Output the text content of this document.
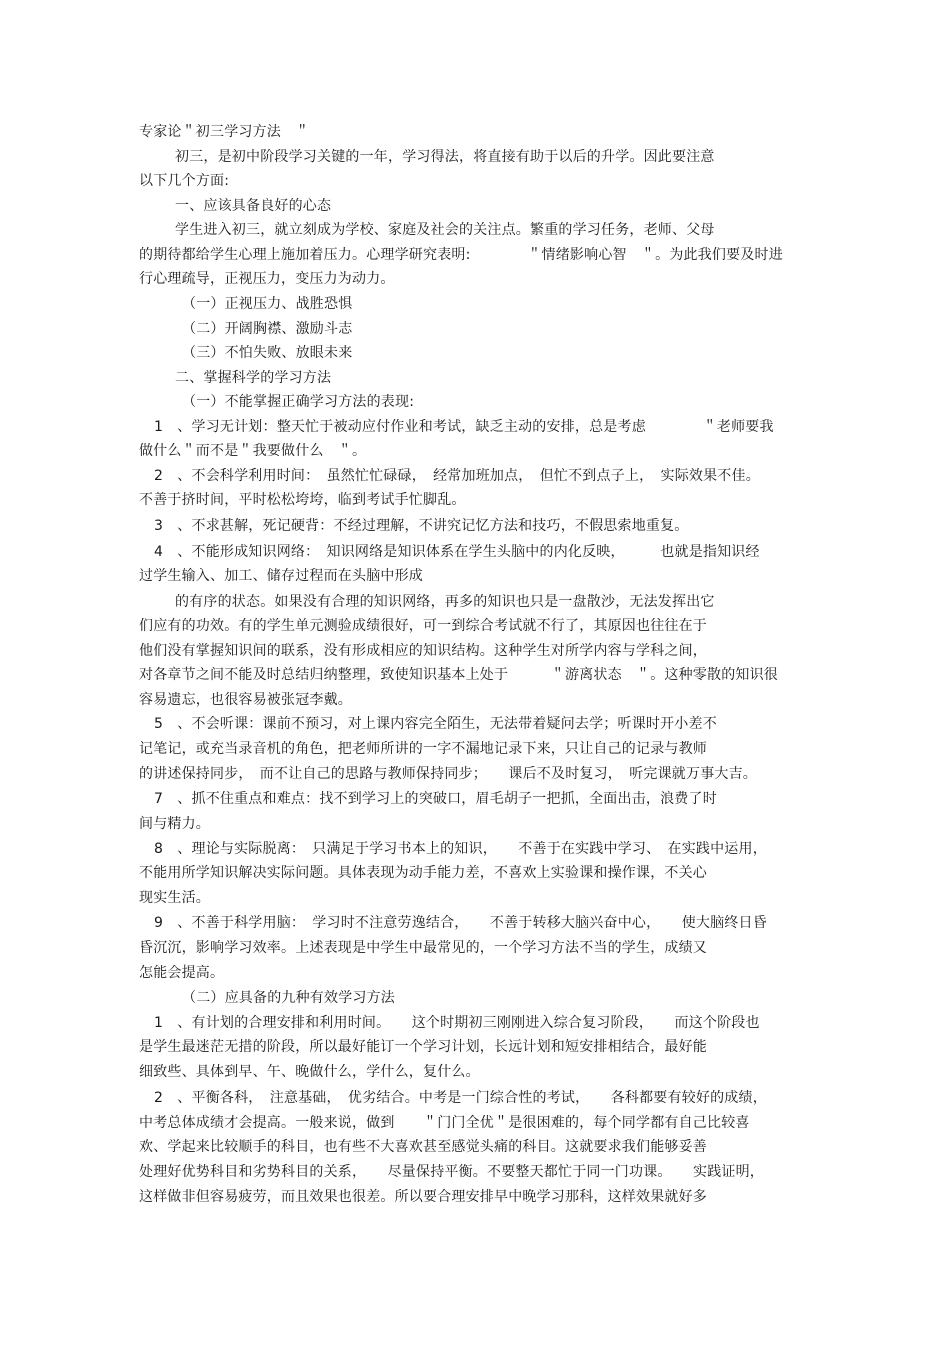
专家论＂初三学习方法　＂
初三，是初中阶段学习关键的一年，学习得法，将直接有助于以后的升学。因此要注意
以下几个方面:
一、应该具备良好的心态
学生进入初三，就立刻成为学校、家庭及社会的关注点。繁重的学习任务，老师、父母
的期待都给学生心理上施加着压力。心理学研究表明:　　　　＂情绪影响心智　＂。为此我们要及时进
行心理疏导，正视压力，变压力为动力。
（一）正视压力、战胜恐惧
（二）开阔胸襟、激励斗志
（三）不怕失败、放眼未来
二、掌握科学的学习方法
（一）不能掌握正确学习方法的表现:
1　、学习无计划：整天忙于被动应付作业和考试，缺乏主动的安排，总是考虑　　　　＂老师要我
做什么＂而不是＂我要做什么　＂。
2　、不会科学利用时间：　虽然忙忙碌碌，　经常加班加点，　但忙不到点子上，　实际效果不佳。
不善于挤时间，平时松松垮垮，临到考试手忙脚乱。
3　、不求甚解，死记硬背：不经过理解，不讲究记忆方法和技巧，不假思索地重复。
4　、不能形成知识网络：　知识网络是知识体系在学生头脑中的内化反映，　　　也就是指知识经
过学生输入、加工、储存过程而在头脑中形成
的有序的状态。如果没有合理的知识网络，再多的知识也只是一盘散沙，无法发挥出它
们应有的功效。有的学生单元测验成绩很好，可一到综合考试就不行了，其原因也往往在于
他们没有掌握知识间的联系，没有形成相应的知识结构。这种学生对所学内容与学科之间，
对各章节之间不能及时总结归纳整理，致使知识基本上处于　　　＂游离状态　＂。这种零散的知识很
容易遗忘，也很容易被张冠李戴。
5　、不会听课：课前不预习，对上课内容完全陌生，无法带着疑问去学；听课时开小差不
记笔记，或充当录音机的角色，把老师所讲的一字不漏地记录下来，只让自己的记录与教师
的讲述保持同步，　而不让自己的思路与教师保持同步；　　课后不及时复习，　听完课就万事大吉。
7　、抓不住重点和难点：找不到学习上的突破口，眉毛胡子一把抓，全面出击，浪费了时
间与精力。
8　、理论与实际脱离：　只满足于学习书本上的知识，　　不善于在实践中学习、　在实践中运用，
不能用所学知识解决实际问题。具体表现为动手能力差，不喜欢上实验课和操作课，不关心
现实生活。
9　、不善于科学用脑：　学习时不注意劳逸结合，　　不善于转移大脑兴奋中心，　　使大脑终日昏
昏沉沉，影响学习效率。上述表现是中学生中最常见的，一个学习方法不当的学生，成绩又
怎能会提高。
（二）应具备的九种有效学习方法
1　、有计划的合理安排和利用时间。　　这个时期初三刚刚进入综合复习阶段，　　而这个阶段也
是学生最迷茫无措的阶段，所以最好能订一个学习计划，长远计划和短安排相结合，最好能
细致些、具体到早、午、晚做什么，学什么，复什么。
2　、平衡各科，　注意基础，　优劣结合。中考是一门综合性的考试，　　各科都要有较好的成绩，
中考总体成绩才会提高。一般来说，做到　　＂门门全优＂是很困难的，每个同学都有自己比较喜
欢、学起来比较顺手的科目，也有些不大喜欢甚至感觉头痛的科目。这就要求我们能够妥善
处理好优势科目和劣势科目的关系，　　尽量保持平衡。不要整天都忙于同一门功课。　　实践证明，
这样做非但容易疲劳，而且效果也很差。所以要合理安排早中晚学习那科，这样效果就好多
